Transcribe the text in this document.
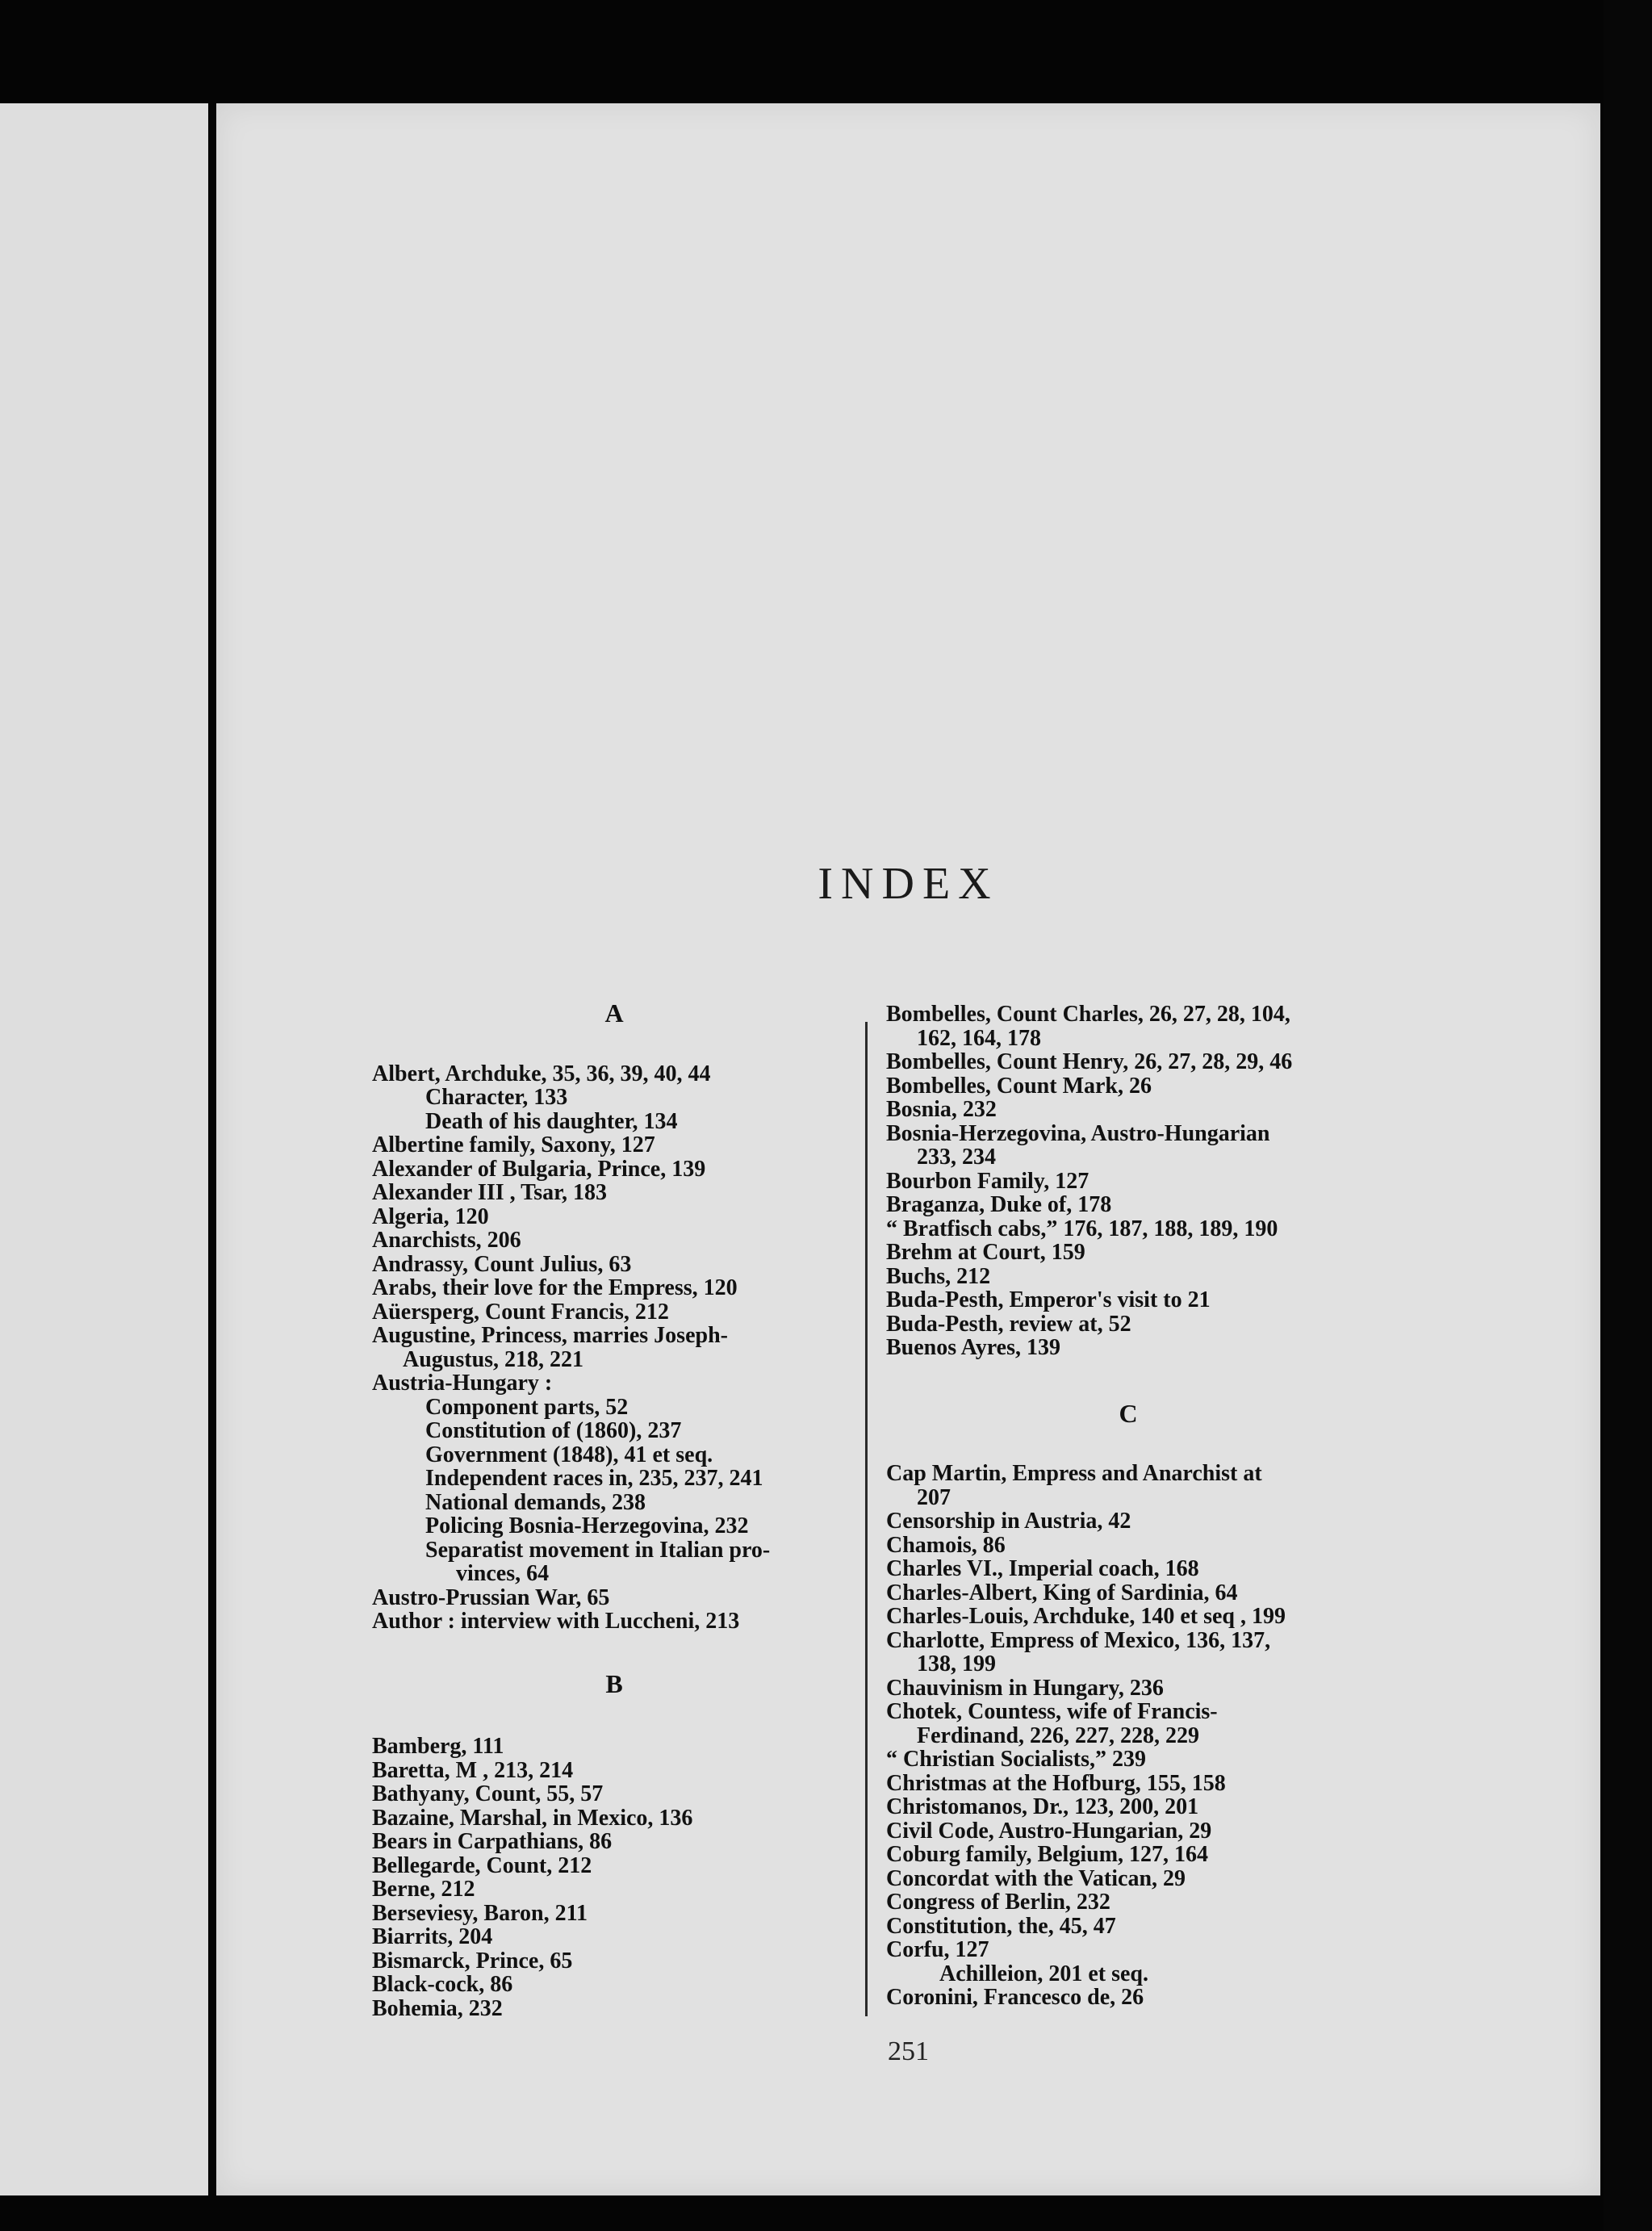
INDEX
A
Albert, Archduke, 35, 36, 39, 40, 44
Character, 133
Death of his daughter, 134
Albertine family, Saxony, 127
Alexander of Bulgaria, Prince, 139
Alexander III , Tsar, 183
Algeria, 120
Anarchists, 206
Andrassy, Count Julius, 63
Arabs, their love for the Empress, 120
Aüersperg, Count Francis, 212
Augustine, Princess, marries Joseph-
Augustus, 218, 221
Austria-Hungary :
Component parts, 52
Constitution of (1860), 237
Government (1848), 41 et seq.
Independent races in, 235, 237, 241
National demands, 238
Policing Bosnia-Herzegovina, 232
Separatist movement in Italian pro-
vinces, 64
Austro-Prussian War, 65
Author : interview with Luccheni, 213
B
Bamberg, 111
Baretta, M , 213, 214
Bathyany, Count, 55, 57
Bazaine, Marshal, in Mexico, 136
Bears in Carpathians, 86
Bellegarde, Count, 212
Berne, 212
Berseviesy, Baron, 211
Biarrits, 204
Bismarck, Prince, 65
Black-cock, 86
Bohemia, 232
Bombelles, Count Charles, 26, 27, 28, 104,
162, 164, 178
Bombelles, Count Henry, 26, 27, 28, 29, 46
Bombelles, Count Mark, 26
Bosnia, 232
Bosnia-Herzegovina, Austro-Hungarian
233, 234
Bourbon Family, 127
Braganza, Duke of, 178
“ Bratfisch cabs,” 176, 187, 188, 189, 190
Brehm at Court, 159
Buchs, 212
Buda-Pesth, Emperor's visit to 21
Buda-Pesth, review at, 52
Buenos Ayres, 139
C
Cap Martin, Empress and Anarchist at
207
Censorship in Austria, 42
Chamois, 86
Charles VI., Imperial coach, 168
Charles-Albert, King of Sardinia, 64
Charles-Louis, Archduke, 140 et seq , 199
Charlotte, Empress of Mexico, 136, 137,
138, 199
Chauvinism in Hungary, 236
Chotek, Countess, wife of Francis-
Ferdinand, 226, 227, 228, 229
“ Christian Socialists,” 239
Christmas at the Hofburg, 155, 158
Christomanos, Dr., 123, 200, 201
Civil Code, Austro-Hungarian, 29
Coburg family, Belgium, 127, 164
Concordat with the Vatican, 29
Congress of Berlin, 232
Constitution, the, 45, 47
Corfu, 127
Achilleion, 201 et seq.
Coronini, Francesco de, 26
251
